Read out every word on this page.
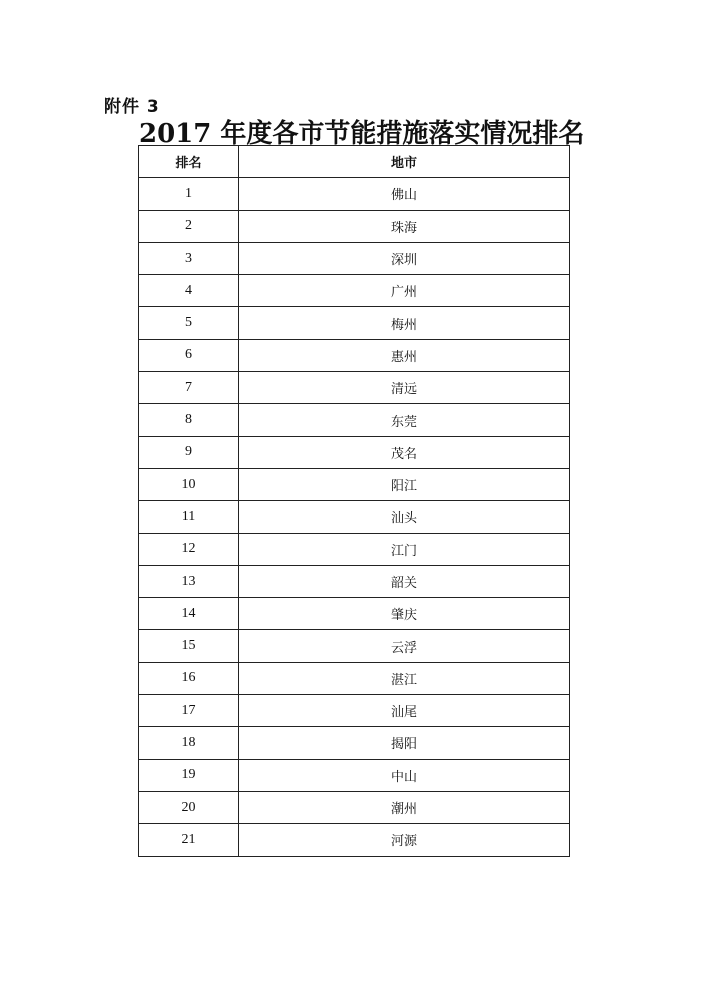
附件 3
2017 年度各市节能措施落实情况排名
排名	地市
1	佛山
2	珠海
3	深圳
4	广州
5	梅州
6	惠州
7	清远
8	东莞
9	茂名
10	阳江
11	汕头
12	江门
13	韶关
14	肇庆
15	云浮
16	湛江
17	汕尾
18	揭阳
19	中山
20	潮州
21	河源
